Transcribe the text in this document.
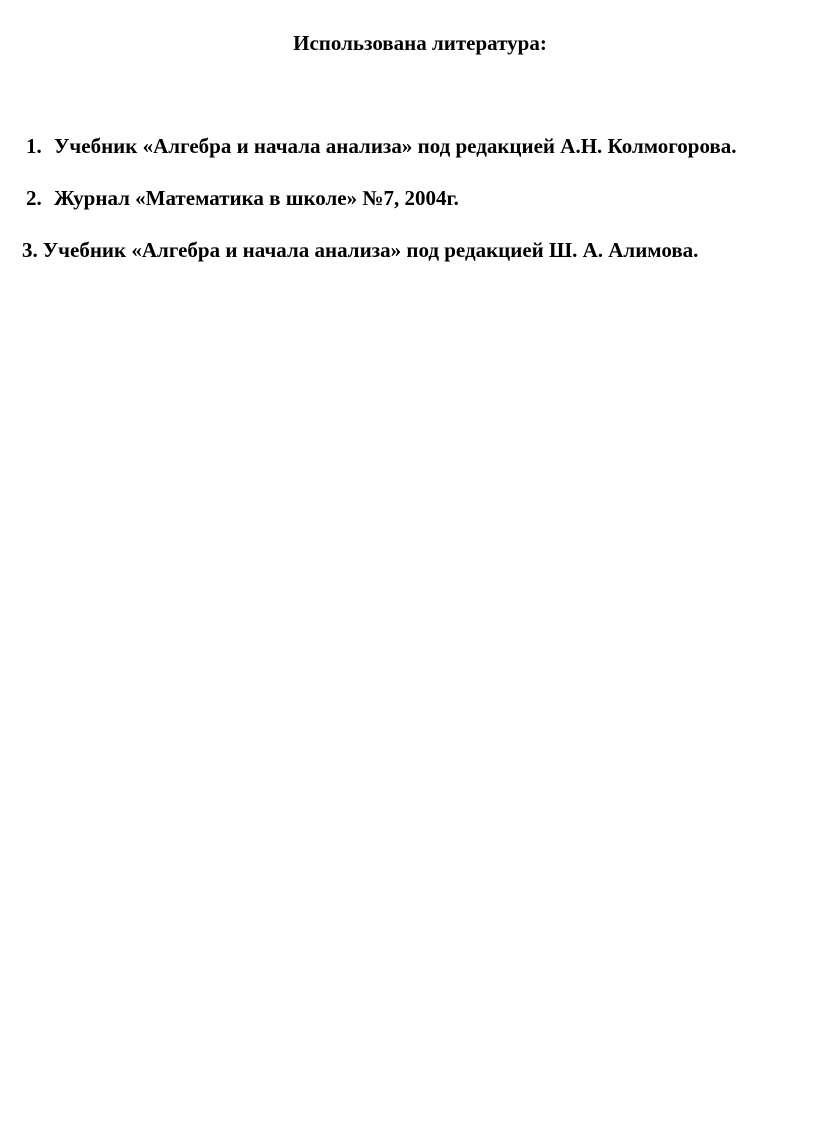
Использована литература:
1. Учебник «Алгебра и начала анализа» под редакцией А.Н. Колмогорова.
2. Журнал «Математика в школе» №7, 2004г.
3. Учебник «Алгебра и начала анализа» под редакцией Ш. А. Алимова.
